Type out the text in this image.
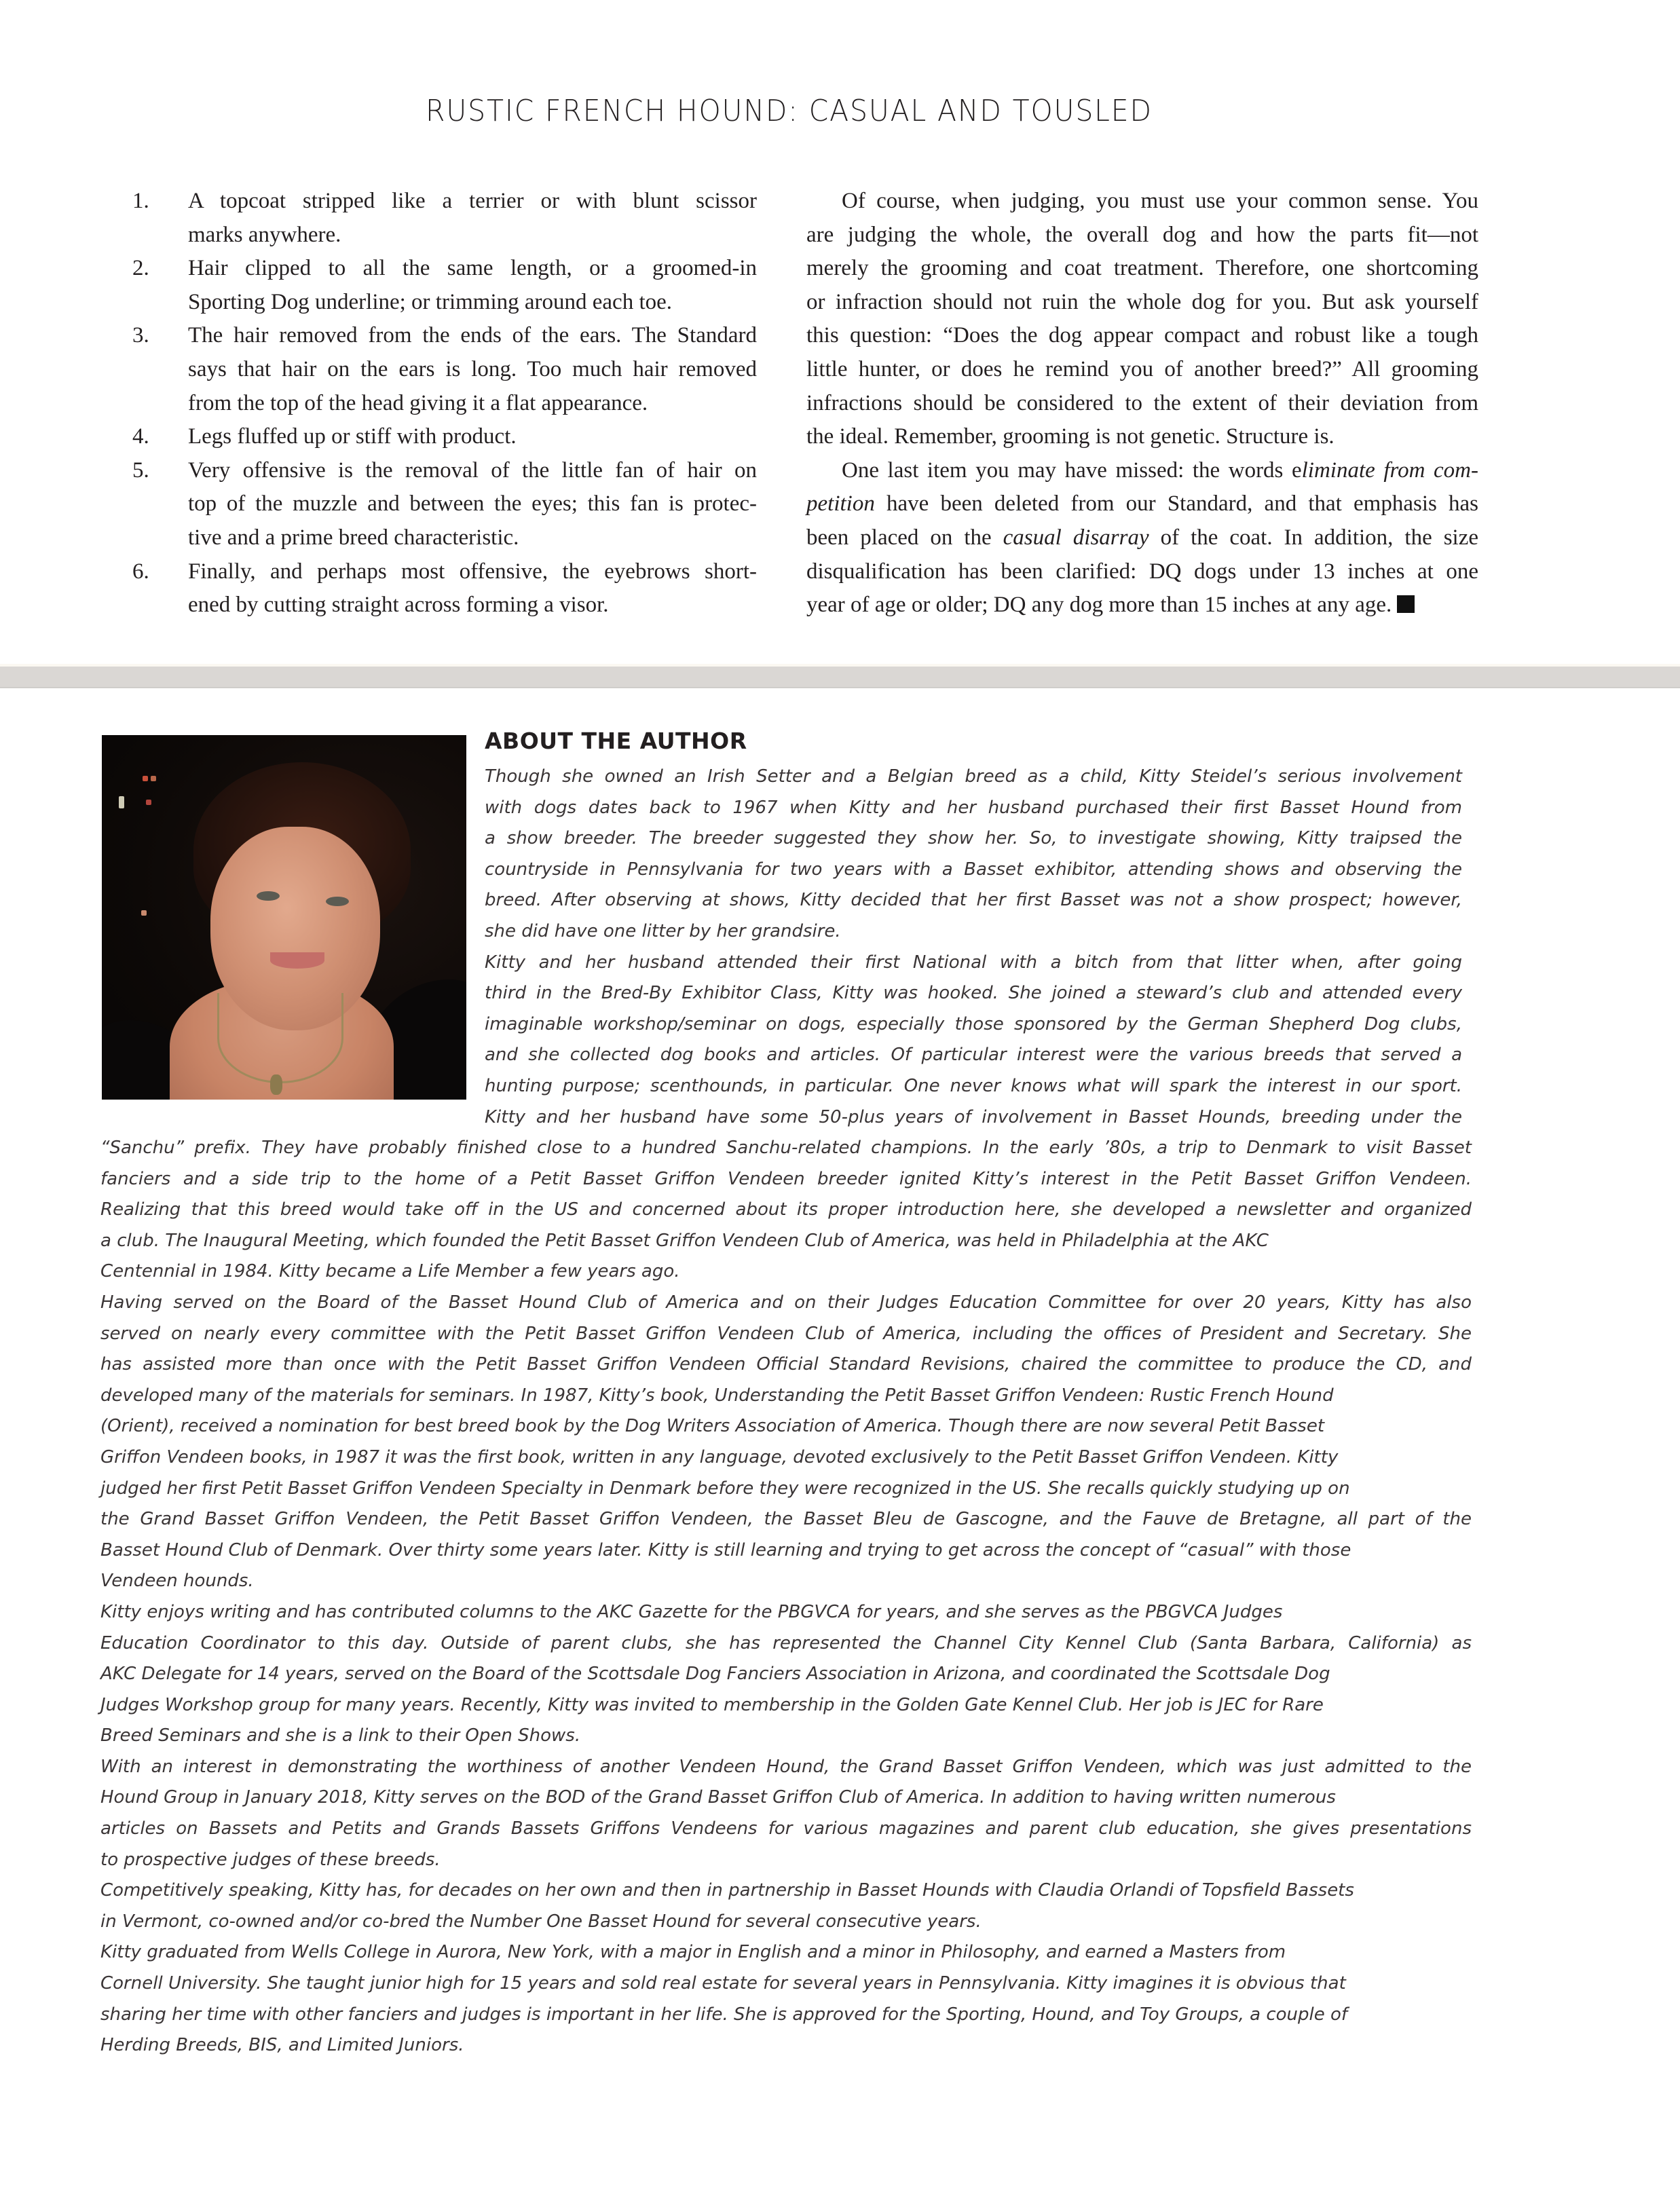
RUSTIC FRENCH HOUND: CASUAL AND TOUSLED
1. A topcoat stripped like a terrier or with blunt scissor
marks anywhere.
2. Hair clipped to all the same length, or a groomed-in
Sporting Dog underline; or trimming around each toe.
3. The hair removed from the ends of the ears. The Standard
says that hair on the ears is long. Too much hair removed
from the top of the head giving it a flat appearance.
4. Legs fluffed up or stiff with product.
5. Very offensive is the removal of the little fan of hair on
top of the muzzle and between the eyes; this fan is protec-
tive and a prime breed characteristic.
6. Finally, and perhaps most offensive, the eyebrows short-
ened by cutting straight across forming a visor.
Of course, when judging, you must use your common sense. You
are judging the whole, the overall dog and how the parts fit—not
merely the grooming and coat treatment. Therefore, one shortcoming
or infraction should not ruin the whole dog for you. But ask yourself
this question: “Does the dog appear compact and robust like a tough
little hunter, or does he remind you of another breed?” All grooming
infractions should be considered to the extent of their deviation from
the ideal. Remember, grooming is not genetic. Structure is.
One last item you may have missed: the words eliminate from com-
petition have been deleted from our Standard, and that emphasis has
been placed on the casual disarray of the coat. In addition, the size
disqualification has been clarified: DQ dogs under 13 inches at one
year of age or older; DQ any dog more than 15 inches at any age.
ABOUT THE AUTHOR
Though she owned an Irish Setter and a Belgian breed as a child, Kitty Steidel’s serious involvement
with dogs dates back to 1967 when Kitty and her husband purchased their first Basset Hound from
a show breeder. The breeder suggested they show her. So, to investigate showing, Kitty traipsed the
countryside in Pennsylvania for two years with a Basset exhibitor, attending shows and observing the
breed. After observing at shows, Kitty decided that her first Basset was not a show prospect; however,
she did have one litter by her grandsire.
Kitty and her husband attended their first National with a bitch from that litter when, after going
third in the Bred-By Exhibitor Class, Kitty was hooked. She joined a steward’s club and attended every
imaginable workshop/seminar on dogs, especially those sponsored by the German Shepherd Dog clubs,
and she collected dog books and articles. Of particular interest were the various breeds that served a
hunting purpose; scenthounds, in particular. One never knows what will spark the interest in our sport.
Kitty and her husband have some 50-plus years of involvement in Basset Hounds, breeding under the
“Sanchu” prefix. They have probably finished close to a hundred Sanchu-related champions. In the early ’80s, a trip to Denmark to visit Basset
fanciers and a side trip to the home of a Petit Basset Griffon Vendeen breeder ignited Kitty’s interest in the Petit Basset Griffon Vendeen.
Realizing that this breed would take off in the US and concerned about its proper introduction here, she developed a newsletter and organized
a club. The Inaugural Meeting, which founded the Petit Basset Griffon Vendeen Club of America, was held in Philadelphia at the AKC
Centennial in 1984. Kitty became a Life Member a few years ago.
Having served on the Board of the Basset Hound Club of America and on their Judges Education Committee for over 20 years, Kitty has also
served on nearly every committee with the Petit Basset Griffon Vendeen Club of America, including the offices of President and Secretary. She
has assisted more than once with the Petit Basset Griffon Vendeen Official Standard Revisions, chaired the committee to produce the CD, and
developed many of the materials for seminars. In 1987, Kitty’s book, Understanding the Petit Basset Griffon Vendeen: Rustic French Hound
(Orient), received a nomination for best breed book by the Dog Writers Association of America. Though there are now several Petit Basset
Griffon Vendeen books, in 1987 it was the first book, written in any language, devoted exclusively to the Petit Basset Griffon Vendeen. Kitty
judged her first Petit Basset Griffon Vendeen Specialty in Denmark before they were recognized in the US. She recalls quickly studying up on
the Grand Basset Griffon Vendeen, the Petit Basset Griffon Vendeen, the Basset Bleu de Gascogne, and the Fauve de Bretagne, all part of the
Basset Hound Club of Denmark. Over thirty some years later. Kitty is still learning and trying to get across the concept of “casual” with those
Vendeen hounds.
Kitty enjoys writing and has contributed columns to the AKC Gazette for the PBGVCA for years, and she serves as the PBGVCA Judges
Education Coordinator to this day. Outside of parent clubs, she has represented the Channel City Kennel Club (Santa Barbara, California) as
AKC Delegate for 14 years, served on the Board of the Scottsdale Dog Fanciers Association in Arizona, and coordinated the Scottsdale Dog
Judges Workshop group for many years. Recently, Kitty was invited to membership in the Golden Gate Kennel Club. Her job is JEC for Rare
Breed Seminars and she is a link to their Open Shows.
With an interest in demonstrating the worthiness of another Vendeen Hound, the Grand Basset Griffon Vendeen, which was just admitted to the
Hound Group in January 2018, Kitty serves on the BOD of the Grand Basset Griffon Club of America. In addition to having written numerous
articles on Bassets and Petits and Grands Bassets Griffons Vendeens for various magazines and parent club education, she gives presentations
to prospective judges of these breeds.
Competitively speaking, Kitty has, for decades on her own and then in partnership in Basset Hounds with Claudia Orlandi of Topsfield Bassets
in Vermont, co-owned and/or co-bred the Number One Basset Hound for several consecutive years.
Kitty graduated from Wells College in Aurora, New York, with a major in English and a minor in Philosophy, and earned a Masters from
Cornell University. She taught junior high for 15 years and sold real estate for several years in Pennsylvania. Kitty imagines it is obvious that
sharing her time with other fanciers and judges is important in her life. She is approved for the Sporting, Hound, and Toy Groups, a couple of
Herding Breeds, BIS, and Limited Juniors.
